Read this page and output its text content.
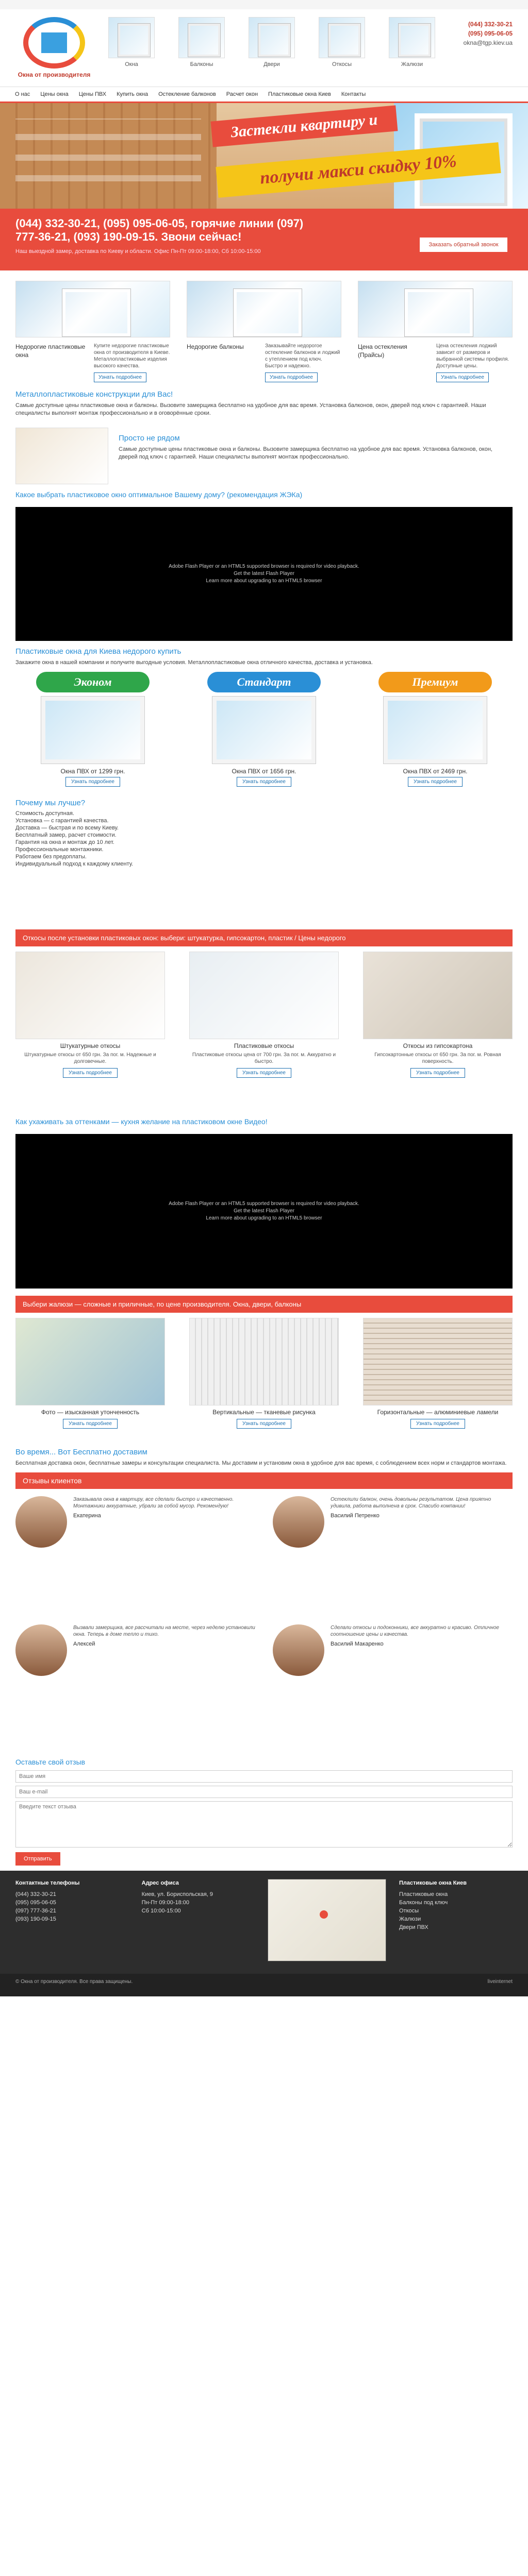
Окна от производителя
Окна	Балконы	Двери	Откосы	Жалюзи
(044) 332-30-21
(095) 095-06-05
okna@tgp.kiev.ua
О нас	Цены окна	Цены ПВХ	Купить окна	Остекление балконов	Расчет окон	Пластиковые окна Киев	Контакты
Застекли квартиру и
получи макси скидку 10%
(044) 332-30-21, (095) 095-06-05, горячие линии (097) 777-36-21, (093) 190-09-15. Звони сейчас!
Наш выездной замер, доставка по Киеву и области. Офис Пн-Пт 09:00-18:00, Сб 10:00-15:00
Заказать обратный звонок
Недорогие пластиковые окна
Купите недорогие пластиковые окна от производителя в Киеве. Металлопластиковые изделия высокого качества.
Узнать подробнее
Недорогие балконы	Заказывайте недорогое остекление балконов и лоджий с утеплением под ключ. Быстро и надежно.
Узнать подробнее
Цена остекления (Прайсы)
Цена остекления лоджий зависит от размеров и выбранной системы профиля. Доступные цены.
Узнать подробнее
Металлопластиковые конструкции для Вас!
Самые доступные цены пластиковые окна и балконы. Вызовите замерщика бесплатно на удобное для вас время. Установка балконов, окон, дверей под ключ с гарантией. Наши специалисты выполнят монтаж профессионально и в оговорённые сроки.
Просто не рядом
Самые доступные цены пластиковые окна и балконы. Вызовите замерщика бесплатно на удобное для вас время. Установка балконов, окон, дверей под ключ с гарантией. Наши специалисты выполнят монтаж профессионально.
Какое выбрать пластиковое окно оптимальное Вашему дому? (рекомендация ЖЭКа)
Adobe Flash Player or an HTML5 supported browser is required for video playback.
Get the latest Flash Player
Learn more about upgrading to an HTML5 browser
Пластиковые окна для Киева недорого купить
Закажите окна в нашей компании и получите выгодные условия. Металлопластиковые окна отличного качества, доставка и установка.
Эконом
Окна ПВХ от 1299 грн.
Узнать подробнее
Стандарт
Окна ПВХ от 1656 грн.
Узнать подробнее
Премиум
Окна ПВХ от 2469 грн.
Узнать подробнее
Почему мы лучше?
Стоимость доступная.
Установка — с гарантией качества.
Доставка — быстрая и по всему Киеву.
Бесплатный замер, расчет стоимости.
Гарантия на окна и монтаж до 10 лет.
Профессиональные монтажники.
Работаем без предоплаты.
Индивидуальный подход к каждому клиенту.
Откосы после установки пластиковых окон: выбери: штукатурка, гипсокартон, пластик / Цены недорого
Штукатурные откосы
Штукатурные откосы от 650 грн. За пог. м. Надежные и долговечные.
Узнать подробнее
Пластиковые откосы
Пластиковые откосы цена от 700 грн. За пог. м. Аккуратно и быстро.
Узнать подробнее
Откосы из гипсокартона
Гипсокартонные откосы от 650 грн. За пог. м. Ровная поверхность.
Узнать подробнее
Как ухаживать за оттенками — кухня желание на пластиковом окне Видео!
Adobe Flash Player or an HTML5 supported browser is required for video playback.
Get the latest Flash Player
Learn more about upgrading to an HTML5 browser
Выбери жалюзи — сложные и приличные, по цене производителя. Окна, двери, балконы
Фото — изысканная утонченность
Узнать подробнее
Вертикальные — тканевые рисунка
Узнать подробнее
Горизонтальные — алюминиевые ламели
Узнать подробнее
Во время... Вот Бесплатно доставим
Бесплатная доставка окон, бесплатные замеры и консультации специалиста. Мы доставим и установим окна в удобное для вас время, с соблюдением всех норм и стандартов монтажа.
Отзывы клиентов
Заказывала окна в квартиру, все сделали быстро и качественно. Монтажники аккуратные, убрали за собой мусор. Рекомендую!
Екатерина
Остеклили балкон, очень довольны результатом. Цена приятно удивила, работа выполнена в срок. Спасибо компании!
Василий Петренко
Вызвали замерщика, все рассчитали на месте, через неделю установили окна. Теперь в доме тепло и тихо.
Алексей
Сделали откосы и подоконники, все аккуратно и красиво. Отличное соотношение цены и качества.
Василий Макаренко
Оставьте свой отзыв
Ваше имя Ваш e-mail Введите текст отзыва Отправить
Контактные телефоны
(044) 332-30-21
(095) 095-06-05
(097) 777-36-21
(093) 190-09-15
Адрес офиса
Киев, ул. Бориспольская, 9
Пн-Пт 09:00-18:00
Сб 10:00-15:00
Пластиковые окна Киев
Пластиковые окна
Балконы под ключ
Откосы
Жалюзи
Двери ПВХ
© Окна от производителя. Все права защищены.	liveinternet
